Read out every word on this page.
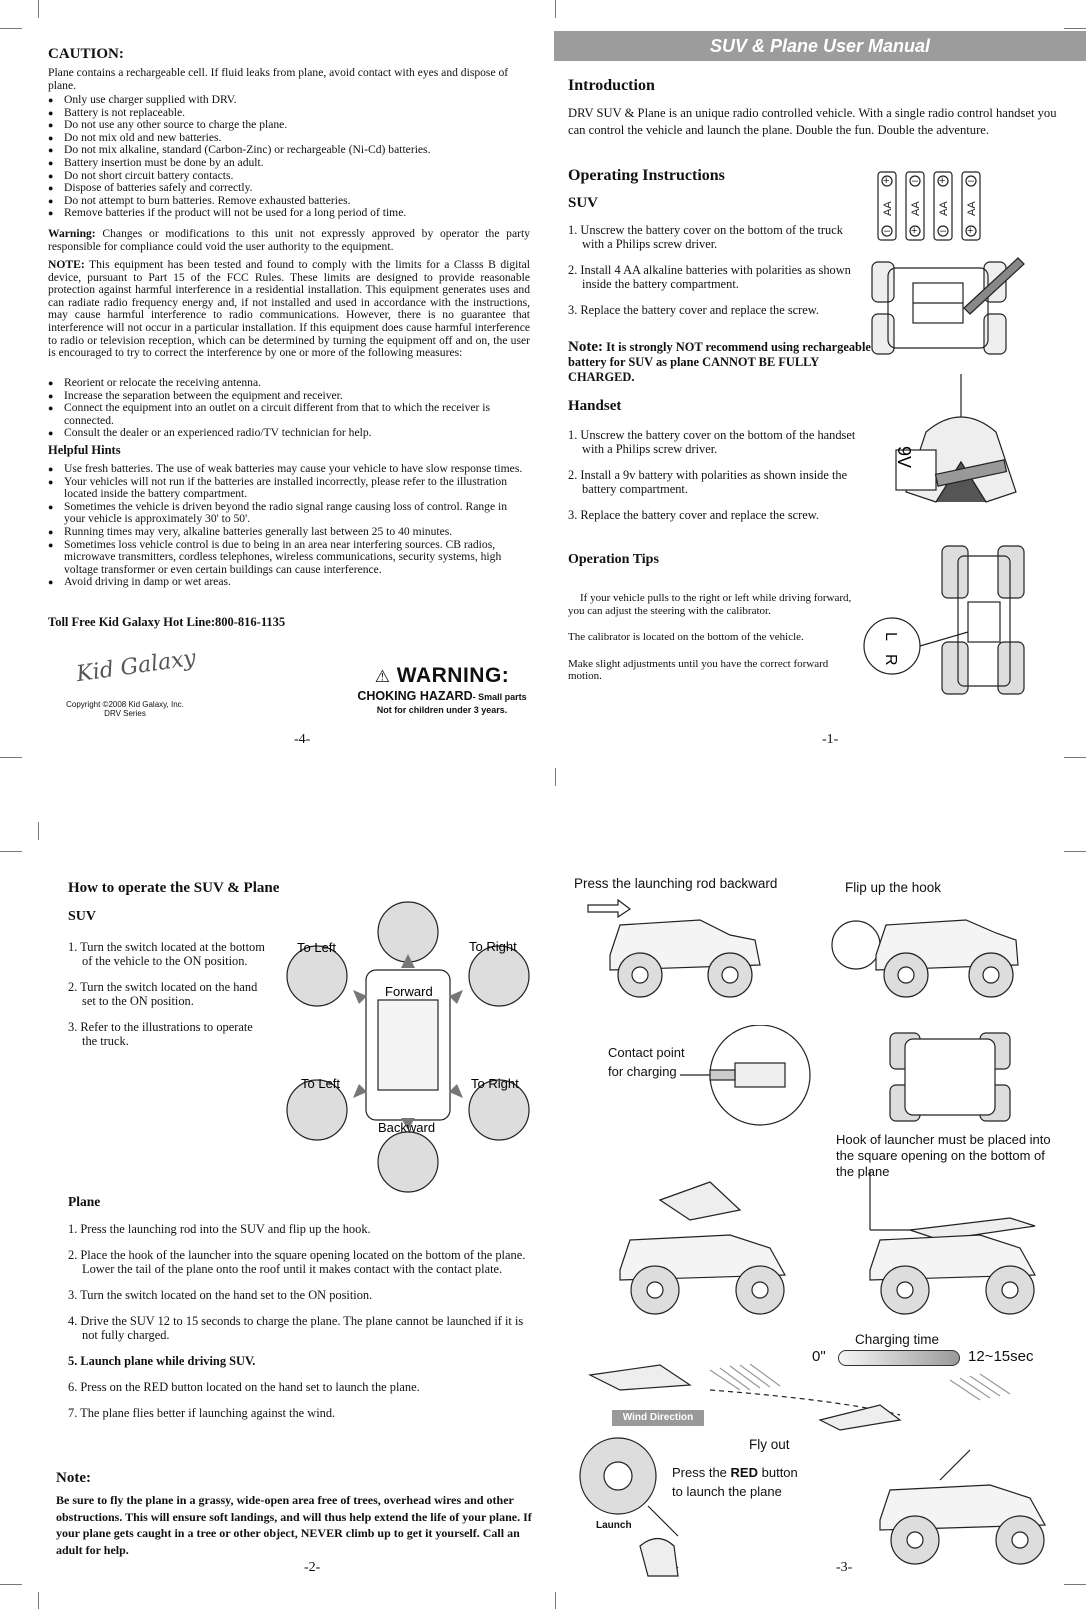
CAUTION:
Plane contains a rechargeable cell. If fluid leaks from plane, avoid contact with eyes and dispose of plane.
● Only use charger supplied with DRV.
● Battery is not replaceable.
● Do not use any other source to charge the plane.
● Do not mix old and new batteries.
● Do not mix alkaline, standard (Carbon-Zinc) or rechargeable (Ni-Cd) batteries.
● Battery insertion must be done by an adult.
● Do not short circuit battery contacts.
● Dispose of batteries safely and correctly.
● Do not attempt to burn batteries. Remove exhausted batteries.
● Remove batteries if the product will not be used for a long period of time.
Warning: Changes or modifications to this unit not expressly approved by operator the party responsible for compliance could void the user authority to the equipment.
NOTE: This equipment has been tested and found to comply with the limits for a Classs B digital device, pursuant to Part 15 of the FCC Rules. These limits are designed to provide reasonable protection against harmful interference in a residential installation. This equipment generates uses and can radiate radio frequency energy and, if not installed and used in accordance with the instructions, may cause harmful interference to radio communications. However, there is no guarantee that interference will not occur in a particular installation. If this equipment does cause harmful interference to radio or television reception, which can be determined by turning the equipment off and on, the user is encouraged to try to correct the interference by one or more of the following measures:
● Reorient or relocate the receiving antenna.
● Increase the separation between the equipment and receiver.
● Connect the equipment into an outlet on a circuit different from that to which the receiver is connected.
● Consult the dealer or an experienced radio/TV technician for help.
Helpful Hints
● Use fresh batteries. The use of weak batteries may cause your vehicle to have slow response times.
● Your vehicles will not run if the batteries are installed incorrectly, please refer to the illustration located inside the battery compartment.
● Sometimes the vehicle is driven beyond the radio signal range causing loss of control. Range in your vehicle is approximately 30' to 50'.
● Running times may very, alkaline batteries generally last between 25 to 40 minutes.
● Sometimes loss vehicle control is due to being in an area near interfering sources. CB radios, microwave transmitters, cordless telephones, wireless communications, security systems, high voltage transformer or even certain buildings can cause interference.
● Avoid driving in damp or wet areas.
Toll Free Kid Galaxy Hot Line:800-816-1135
Kid Galaxy
Copyright ©2008 Kid Galaxy, Inc.
DRV Series
⚠ WARNING:
CHOKING HAZARD- Small parts
Not for children under 3 years.
-4-
SUV & Plane User Manual
Introduction
DRV SUV & Plane is an unique radio controlled vehicle. With a single radio control handset you can control the vehicle and launch the plane. Double the fun. Double the adventure.
Operating Instructions
SUV
1. Unscrew the battery cover on the bottom of the truck with a Philips screw driver.
2. Install 4 AA alkaline batteries with polarities as shown inside the battery compartment.
3. Replace the battery cover and replace the screw.
Note: It is strongly NOT recommend using rechargeable battery for SUV as plane CANNOT BE FULLY CHARGED.
Handset
1. Unscrew the battery cover on the bottom of the handset with a Philips screw driver.
2. Install a 9v battery with polarities as shown inside the battery compartment.
3. Replace the battery cover and replace the screw.
Operation Tips
If your vehicle pulls to the right or left while driving forward, you can adjust the steering with the calibrator.
The calibrator is located on the bottom of the vehicle.
Make slight adjustments until you have the correct forward motion.
+
+
+
+
–
–
–
–
AA AA AA AA
9V
L
R
-1-
How to operate the SUV & Plane
SUV
1. Turn the switch located at the bottom of the vehicle to the ON position.
2. Turn the switch located on the hand set to the ON position.
3. Refer to the illustrations to operate the truck.
To Left	To Right
Forward
To Left	To Right
Backward
Plane
1. Press the launching rod into the SUV and flip up the hook.
2. Place the hook of the launcher into the square opening located on the bottom of the plane. Lower the tail of the plane onto the roof until it makes contact with the contact plate.
3. Turn the switch located on the hand set to the ON position.
4. Drive the SUV 12 to 15 seconds to charge the plane. The plane cannot be launched if it is not fully charged.
5. Launch plane while driving SUV.
6. Press on the RED button located on the hand set to launch the plane.
7. The plane flies better if launching against the wind.
Note:
Be sure to fly the plane in a grassy, wide-open area free of trees, overhead wires and other obstructions. This will ensure soft landings, and will thus help extend the life of your plane. If your plane gets caught in a tree or other object, NEVER climb up to get it yourself. Call an adult for help.
-2-
Press the launching rod backward	Flip up the hook
Contact point
for charging
Hook of launcher must be placed into the square opening on the bottom of the plane
Charging time
0"	12~15sec
Wind Direction
Fly out
Launch
Press the RED button
to launch the plane
-3-
